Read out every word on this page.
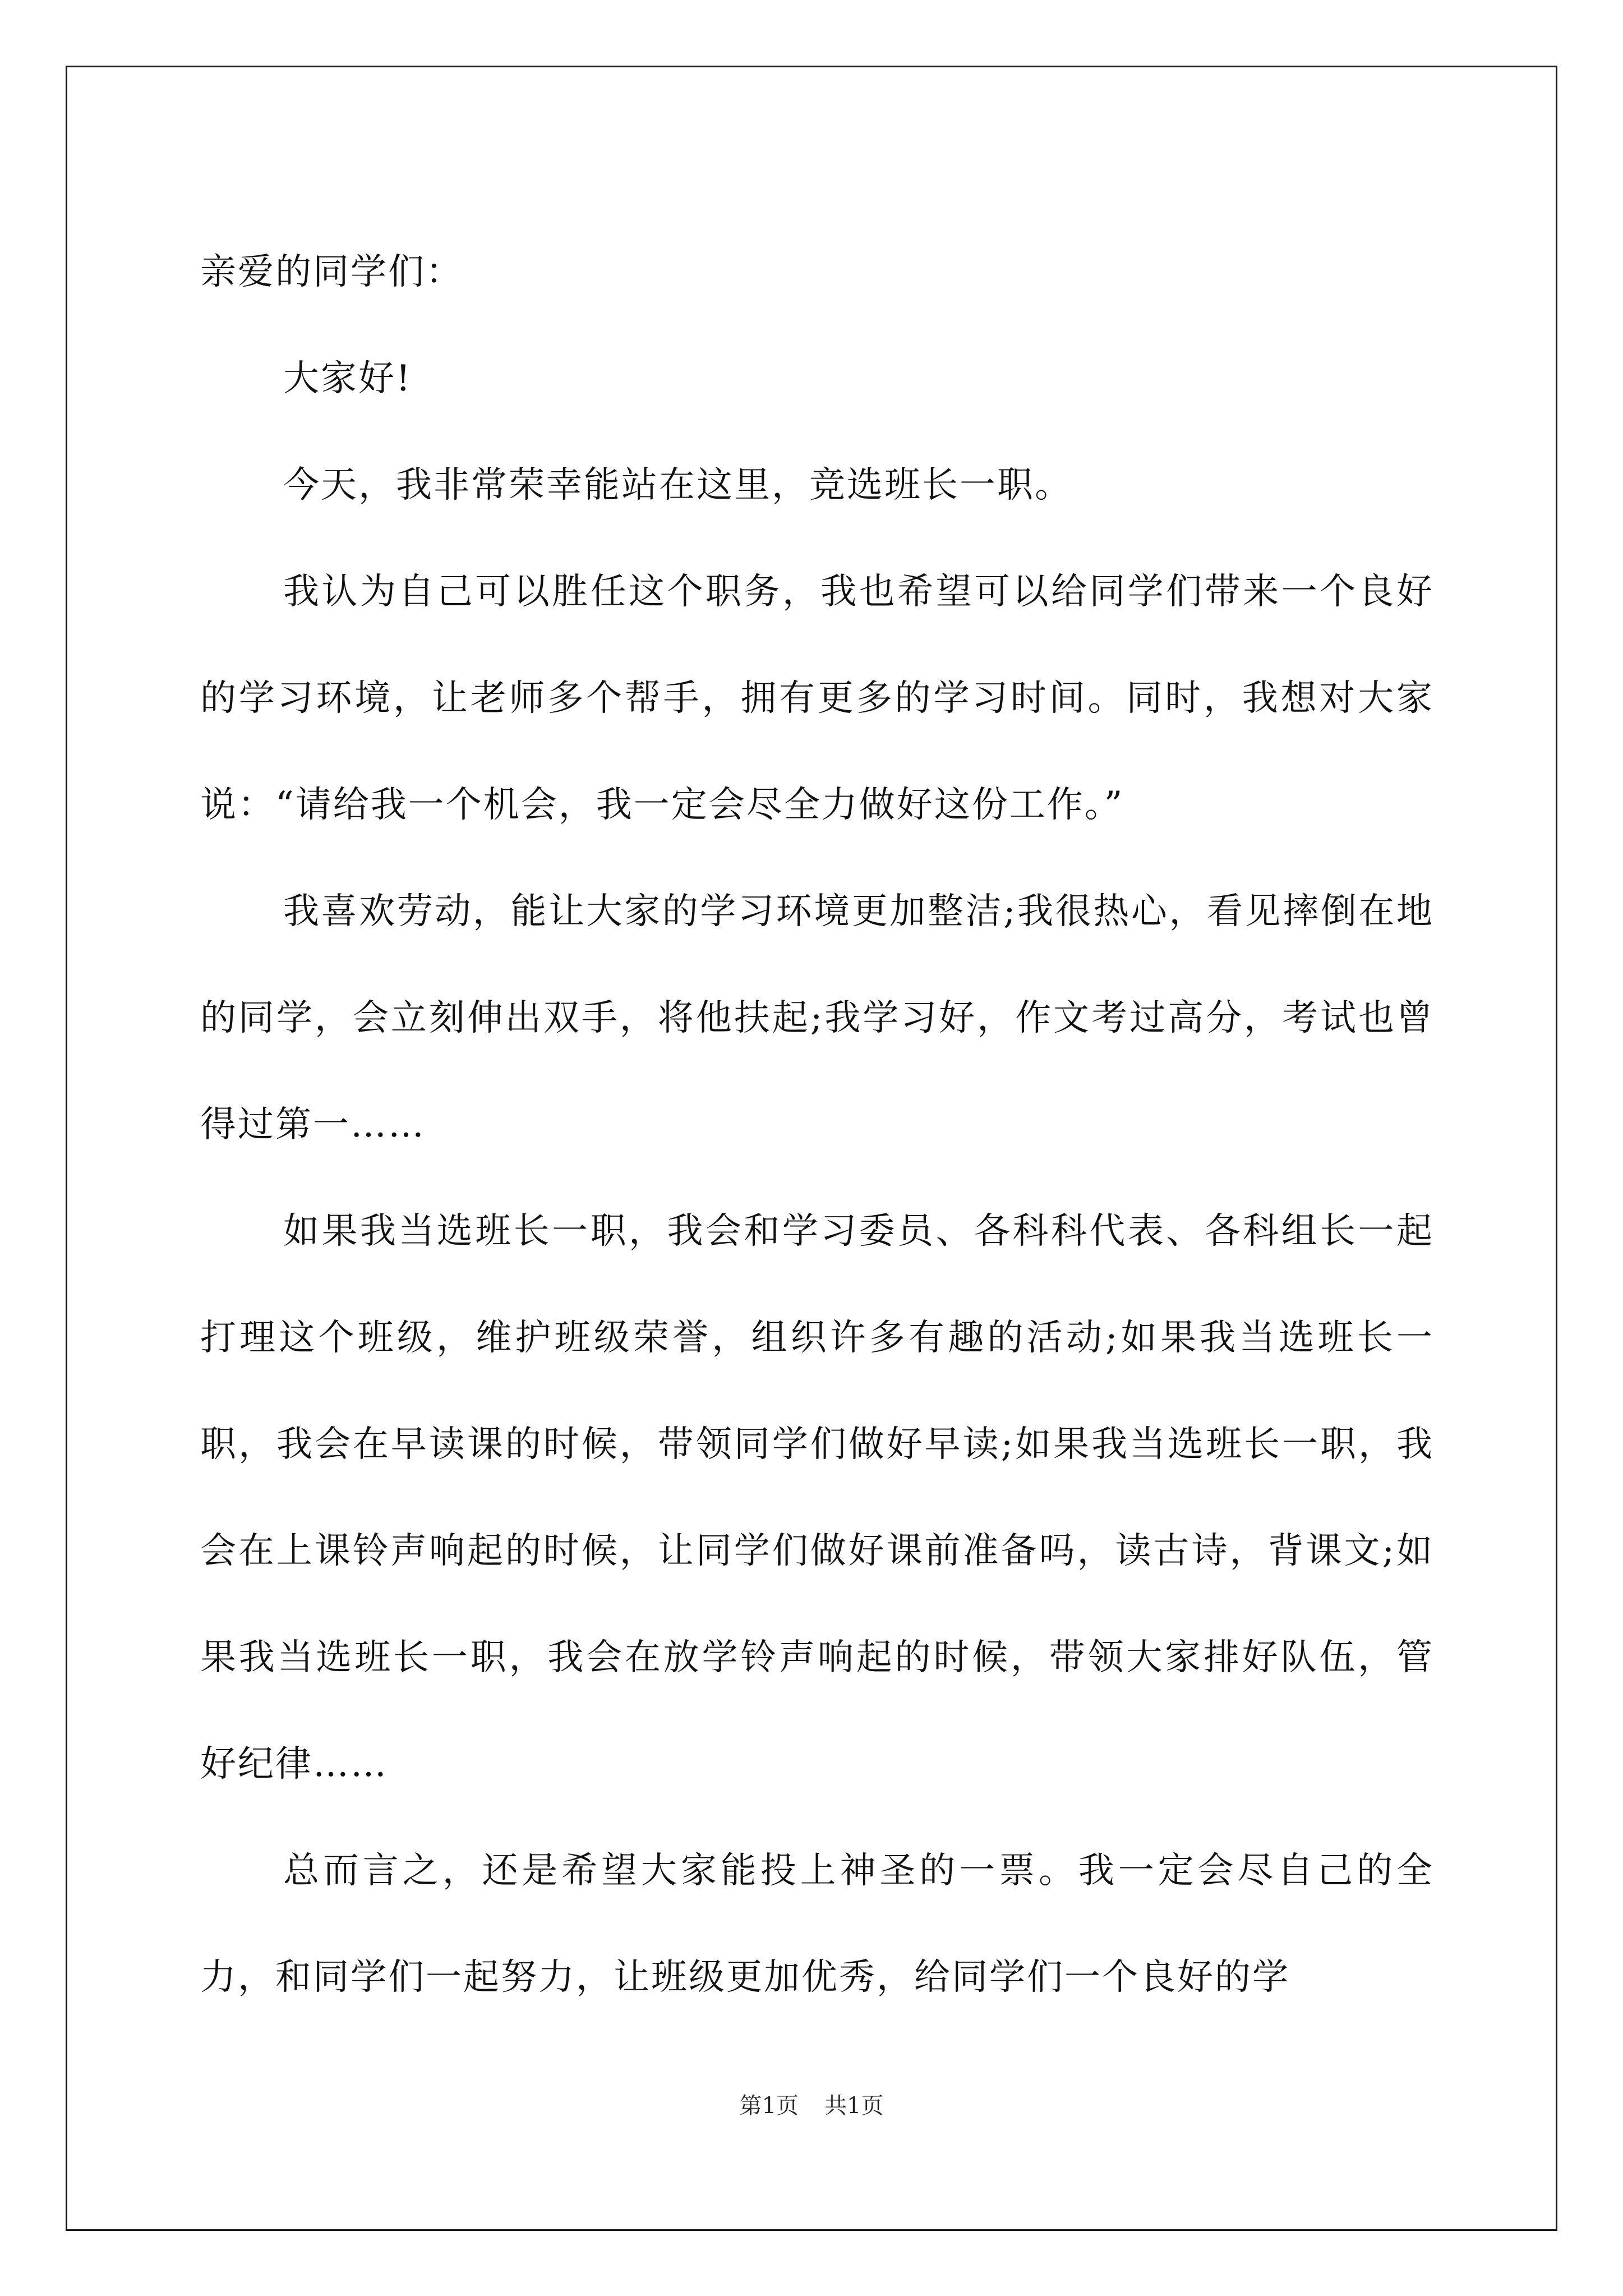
亲爱的同学们：

大家好!

今天，我非常荣幸能站在这里，竞选班长一职。

我认为自己可以胜任这个职务，我也希望可以给同学们带来一个良好的学习环境，让老师多个帮手，拥有更多的学习时间。同时，我想对大家说：“请给我一个机会，我一定会尽全力做好这份工作。”

我喜欢劳动，能让大家的学习环境更加整洁;我很热心，看见摔倒在地的同学，会立刻伸出双手，将他扶起;我学习好，作文考过高分，考试也曾得过第一……

如果我当选班长一职，我会和学习委员、各科科代表、各科组长一起打理这个班级，维护班级荣誉，组织许多有趣的活动;如果我当选班长一职，我会在早读课的时候，带领同学们做好早读;如果我当选班长一职，我会在上课铃声响起的时候，让同学们做好课前准备吗，读古诗，背课文;如果我当选班长一职，我会在放学铃声响起的时候，带领大家排好队伍，管好纪律……

总而言之，还是希望大家能投上神圣的一票。我一定会尽自己的全力，和同学们一起努力，让班级更加优秀，给同学们一个良好的学

第1页 共1页
